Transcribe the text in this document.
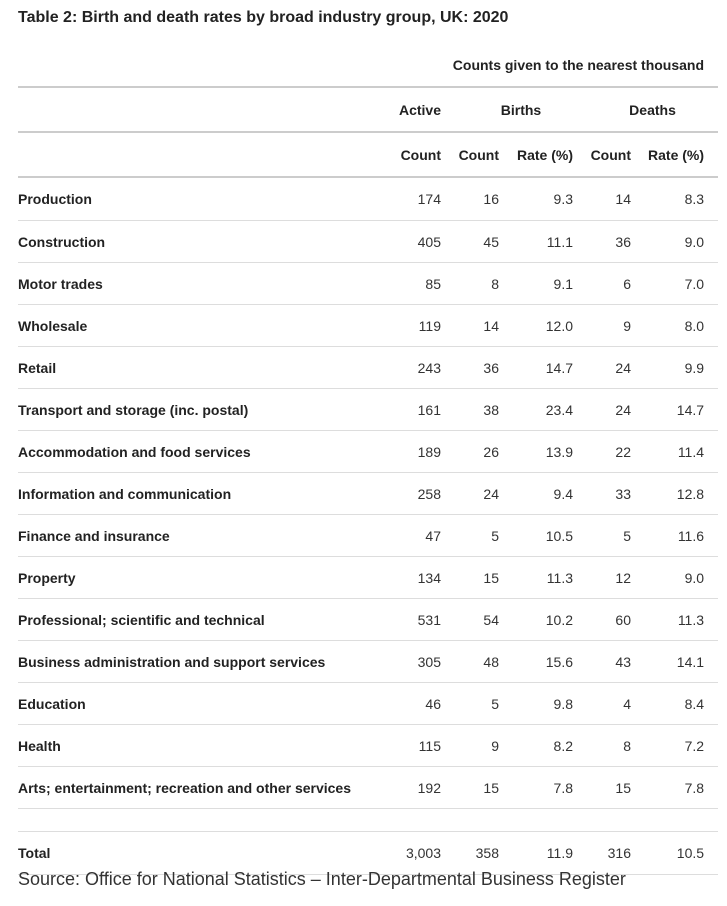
Table 2: Birth and death rates by broad industry group, UK: 2020
Counts given to the nearest thousand					
	Active	Births		Deaths	
	Count	Count	Rate (%)	Count	Rate (%)
Production	174	16	9.3	14	8.3
Construction	405	45	11.1	36	9.0
Motor trades	85	8	9.1	6	7.0
Wholesale	119	14	12.0	9	8.0
Retail	243	36	14.7	24	9.9
Transport and storage (inc. postal)	161	38	23.4	24	14.7
Accommodation and food services	189	26	13.9	22	11.4
Information and communication	258	24	9.4	33	12.8
Finance and insurance	47	5	10.5	5	11.6
Property	134	15	11.3	12	9.0
Professional; scientific and technical	531	54	10.2	60	11.3
Business administration and support services	305	48	15.6	43	14.1
Education	46	5	9.8	4	8.4
Health	115	9	8.2	8	7.2
Arts; entertainment; recreation and other services	192	15	7.8	15	7.8

Total	3,003	358	11.9	316	10.5
Source: Office for National Statistics – Inter-Departmental Business Register
